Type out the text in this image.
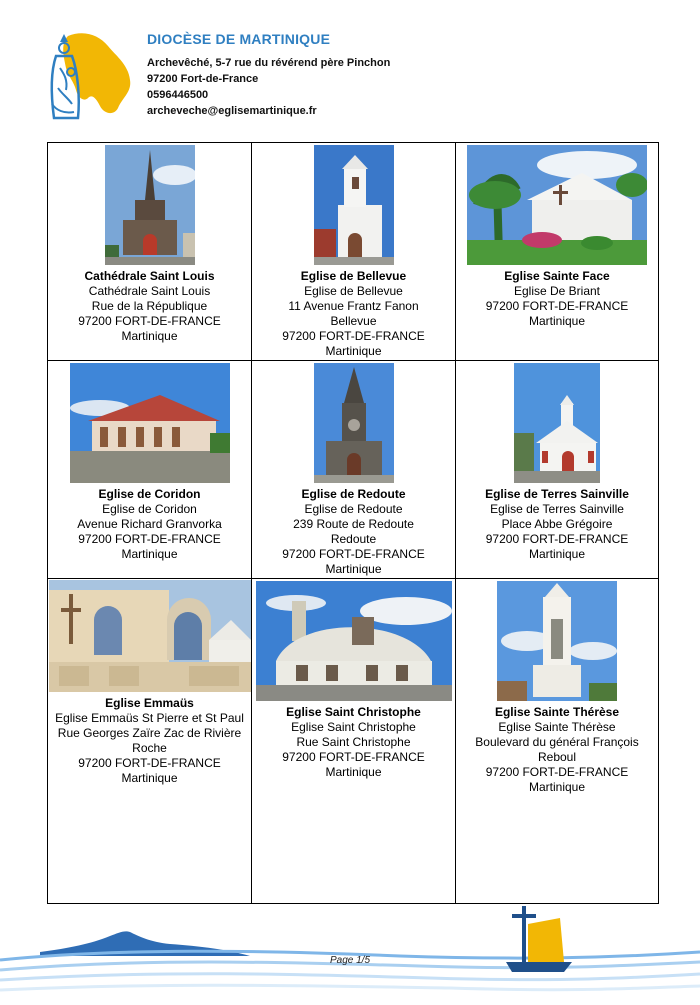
DIOCÈSE DE MARTINIQUE
Archevêché, 5-7 rue du révérend père Pinchon
97200 Fort-de-France
0596446500
archeveche@eglisemartinique.fr
Cathédrale Saint Louis
Cathédrale Saint Louis
Rue de la République
97200 FORT-DE-FRANCE
Martinique
Eglise de Bellevue
Eglise de Bellevue
11 Avenue Frantz Fanon
Bellevue
97200 FORT-DE-FRANCE
Martinique
Eglise Sainte Face
Eglise De Briant
97200 FORT-DE-FRANCE
Martinique
Eglise de Coridon
Eglise de Coridon
Avenue Richard Granvorka
97200 FORT-DE-FRANCE
Martinique
Eglise de Redoute
Eglise de Redoute
239 Route de Redoute
Redoute
97200 FORT-DE-FRANCE
Martinique
Eglise de Terres Sainville
Eglise de Terres Sainville
Place Abbe Grégoire
97200 FORT-DE-FRANCE
Martinique
Eglise Emmaüs
Eglise Emmaüs St Pierre et St Paul
Rue Georges Zaïre Zac de Rivière
Roche
97200 FORT-DE-FRANCE
Martinique
Eglise Saint Christophe
Eglise Saint Christophe
Rue Saint Christophe
97200 FORT-DE-FRANCE
Martinique
Eglise Sainte Thérèse
Eglise Sainte Thérèse
Boulevard du général François
Reboul
97200 FORT-DE-FRANCE
Martinique
Page 1/5
